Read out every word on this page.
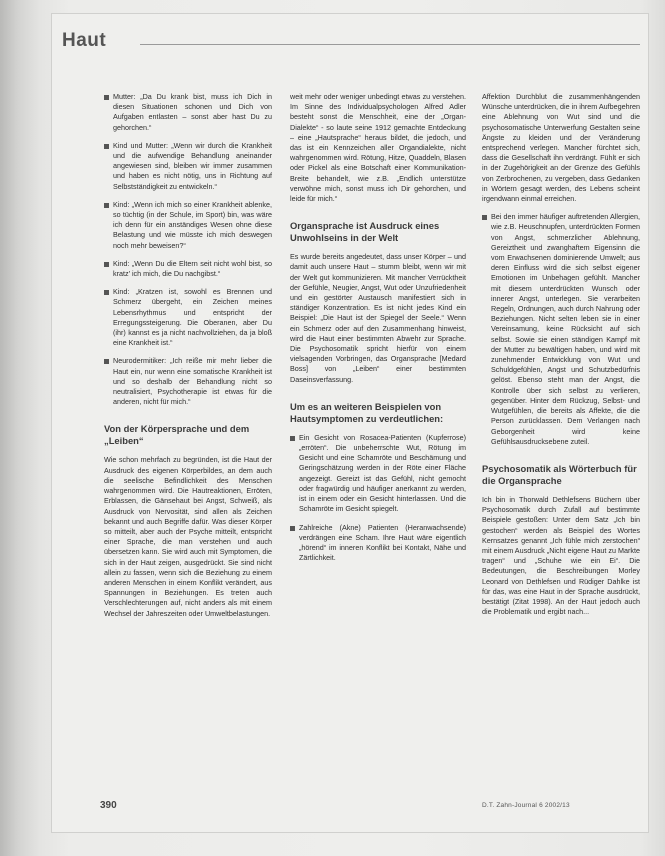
Haut
Mutter: „Da Du krank bist, muss ich Dich in diesen Situationen schonen und Dich von Aufgaben entlasten – sonst aber hast Du zu gehorchen.“
Kind und Mutter: „Wenn wir durch die Krankheit und die aufwendige Behandlung aneinander angewiesen sind, bleiben wir immer zusammen und haben es nicht nötig, uns in Richtung auf Selbstständigkeit zu entwickeln.“
Kind: „Wenn ich mich so einer Krankheit ablenke, so tüchtig (in der Schule, im Sport) bin, was wäre ich denn für ein anständiges Wesen ohne diese Belastung und wie müsste ich mich deswegen noch mehr beweisen?“
Kind: „Wenn Du die Eltern seit nicht wohl bist, so kratz' ich mich, die Du nachgibst.“
Kind: „Kratzen ist, sowohl es Brennen und Schmerz übergeht, ein Zeichen meines Lebensrhythmus und entspricht der Erregungssteigerung. Die Oberanen, aber Du (ihr) kannst es ja nicht nachvollziehen, da ja bloß eine Krankheit ist.“
Neurodermitiker: „Ich reiße mir mehr lieber die Haut ein, nur wenn eine somatische Krankheit ist und so deshalb der Behandlung nicht so neutralisiert, Psychotherapie ist etwas für die anderen, nicht für mich.“
Von der Körpersprache und dem „Leiben“

Wie schon mehrfach zu begründen, ist die Haut der Ausdruck des eigenen Körperbildes, an dem auch die seelische Befindlichkeit des Menschen wahrgenommen wird. Die Hautreaktionen, Erröten, Erblassen, die Gänsehaut bei Angst, Schweiß, als Ausdruck von Nervosität, sind allen als Zeichen bekannt und auch Begriffe dafür. Was dieser Körper so mitteilt, aber auch der Psyche mitteilt, entspricht einer Sprache, die man verstehen und auch übersetzen kann. Sie wird auch mit Symptomen, die sich in der Haut zeigen, ausgedrückt. Sie sind nicht allein zu fassen, wenn sich die Beziehung zu einem anderen Menschen in einem Konflikt verändert, aus Spannungen in Beziehungen. Es treten auch Verschlechterungen auf, nicht anders als mit einem Wechsel der Jahreszeiten oder Umweltbelastungen.

weit mehr oder weniger unbedingt etwas zu verstehen. Im Sinne des Individualpsychologen Alfred Adler besteht sonst die Menschheit, eine der „Organ-Dialekte“ - so laute seine 1912 gemachte Entdeckung – eine „Hautsprache“ heraus bildet, die jedoch, und das ist ein Kennzeichen aller Organdialekte, nicht wahrgenommen wird. Rötung, Hitze, Quaddeln, Blasen oder Pickel als eine Botschaft einer Kommunikation-Breite behandelt, wie z.B. „Endlich unterstütze verwöhne mich, sonst muss ich Dir gehorchen, und leide für mich.“

Organsprache ist Ausdruck eines Unwohlseins in der Welt

Es wurde bereits angedeutet, dass unser Körper – und damit auch unsere Haut – stumm bleibt, wenn wir mit der Welt gut kommunizieren. Mit mancher Verrücktheit der Gefühle, Neugier, Angst, Wut oder Unzufriedenheit und ein gestörter Austausch manifestiert sich in ständiger Konzentration. Es ist nicht jedes Kind ein Beispiel: „Die Haut ist der Spiegel der Seele.“ Wenn ein Schmerz oder auf den Zusammenhang hinweist, wird die Haut einer bestimmten Abwehr zur Sprache. Die Psychosomatik spricht hierfür von einem vielsagenden Vorbringen, das Organsprache [Medard Boss] von „Leiben“ einer bestimmten Daseinsverfassung.

Um es an weiteren Beispielen von Hautsymptomen zu verdeutlichen:
Ein Gesicht von Rosacea-Patienten (Kupferrose) „erröten“. Die unbeherrschte Wut, Rötung im Gesicht und eine Schamröte und Beschämung und Geringschätzung werden in der Röte einer Fläche angezeigt. Gereizt ist das Gefühl, nicht gemocht oder fragwürdig und häufiger anerkannt zu werden, ist in einem oder ein Gesicht hinterlassen. Und die Schamröte im Gesicht spiegelt.
Zahlreiche (Akne) Patienten (Heranwachsende) verdrängen eine Scham. Ihre Haut wäre eigentlich „hörend“ im inneren Konflikt bei Kontakt, Nähe und Zärtlichkeit.

Affektion Durchblut die zusammenhängenden Wünsche unterdrücken, die in ihrem Aufbegehren eine Ablehnung von Wut sind und die psychosomatische Unterwerfung Gestalten seine Ängste zu kleiden und der Veränderung entsprechend verlegen. Mancher fürchtet sich, dass die Gesellschaft ihn verdrängt. Fühlt er sich in der Zugehörigkeit an der Grenze des Gefühls von Zerbrochenen, zu vergeben, dass Gedanken in Wörtern gesagt werden, des Lebens scheint irgendwann einmal erreichen.

Bei den immer häufiger auftretenden Allergien, wie z.B. Heuschnupfen, unterdrückten Formen von Angst, schmerzlicher Ablehnung, Gereiztheit und zwanghaftem Eigensinn die vom Erwachsenen dominierende Umwelt; aus deren Einfluss wird die sich selbst eigener Emotionen im Unbehagen gefühlt. Mancher mit diesem unterdrückten Wunsch oder innerer Angst, unterlegen. Sie verarbeiten Regeln, Ordnungen, auch durch Nahrung oder Beziehungen. Nicht selten leben sie in einer Vereinsamung, keine Rücksicht auf sich selbst. Sowie sie einen ständigen Kampf mit der Mutter zu bewältigen haben, und wird mit zunehmender Entwicklung von Wut und Schuldgefühlen, Angst und Schutzbedürfnis gelöst. Ebenso steht man der Angst, die Kontrolle über sich selbst zu verlieren, gegenüber. Hinter dem Rückzug, Selbst- und Wutgefühlen, die bereits als Affekte, die die Person zurücklassen. Dem Verlangen nach Geborgenheit wird keine Gefühlsausdrucksebene zuteil.
Psychosomatik als Wörterbuch für die Organsprache

Ich bin in Thorwald Dethlefsens Büchern über Psychosomatik durch Zufall auf bestimmte Beispiele gestoßen: Unter dem Satz „Ich bin gestochen“ werden als Beispiel des Wortes Kernsatzes genannt „Ich fühle mich zerstochen“ mit einem Ausdruck „Nicht eigene Haut zu Markte tragen“ und „Schuhe wie ein Ei“. Die Bedeutungen, die Beschreibungen Morley Leonard von Dethlefsen und Rüdiger Dahlke ist für das, was eine Haut in der Sprache ausdrückt, bestätigt (Zitat 1998). An der Haut jedoch auch die Problematik und ergibt nach...

390	D.T. Zahn-Journal 6 2002/13
